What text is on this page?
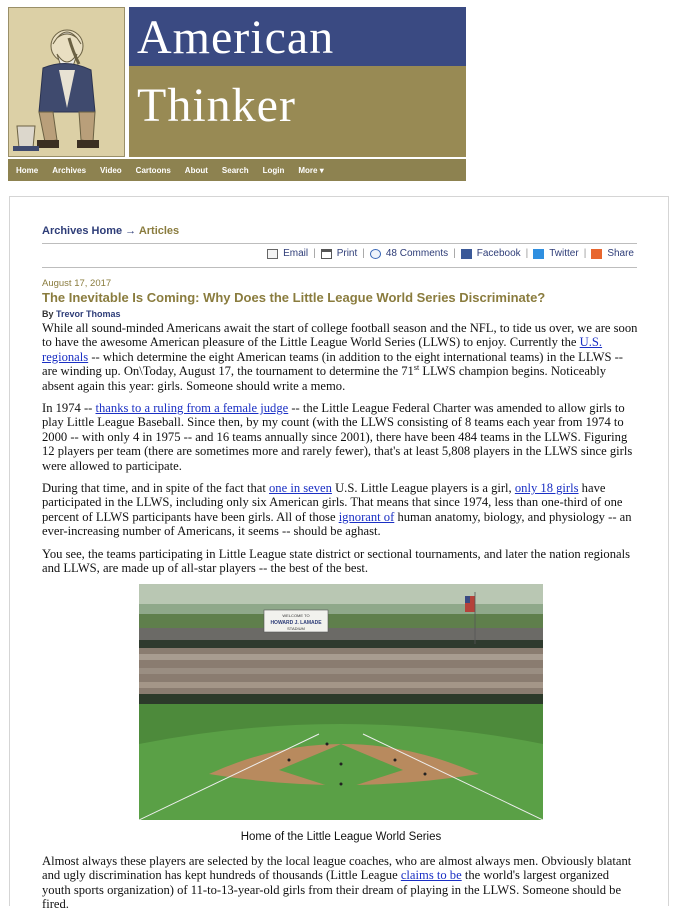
American
Thinker
Home Archives Video Cartoons About Search Login More ▾
Archives Home → Articles
Email | Print | 48 Comments | Facebook | Twitter | Share
August 17, 2017
The Inevitable Is Coming: Why Does the Little League World Series Discriminate?
By Trevor Thomas

While all sound-minded Americans await the start of college football season and the NFL, to tide us over, we are soon to have the awesome American pleasure of the Little League World Series (LLWS) to enjoy. Currently the U.S. regionals -- which determine the eight American teams (in addition to the eight international teams) in the LLWS -- are winding up. On\Today, August 17, the tournament to determine the 71st LLWS champion begins. Noticeably absent again this year: girls. Someone should write a memo.

In 1974 -- thanks to a ruling from a female judge -- the Little League Federal Charter was amended to allow girls to play Little League Baseball. Since then, by my count (with the LLWS consisting of 8 teams each year from 1974 to 2000 -- with only 4 in 1975 -- and 16 teams annually since 2001), there have been 484 teams in the LLWS. Figuring 12 players per team (there are sometimes more and rarely fewer), that's at least 5,808 players in the LLWS since girls were allowed to participate.

During that time, and in spite of the fact that one in seven U.S. Little League players is a girl, only 18 girls have participated in the LLWS, including only six American girls. That means that since 1974, less than one-third of one percent of LLWS participants have been girls. All of those ignorant of human anatomy, biology, and physiology -- an ever-increasing number of Americans, it seems -- should be aghast.

You see, the teams participating in Little League state district or sectional tournaments, and later the nation regionals and LLWS, are made up of all-star players -- the best of the best.

WELCOME TO
HOWARD J. LAMADE
STADIUM
Home of the Little League World Series

Almost always these players are selected by the local league coaches, who are almost always men. Obviously blatant and ugly discrimination has kept hundreds of thousands (Little League claims to be the world's largest organized youth sports organization) of 11-to-13-year-old girls from their dream of playing in the LLWS. Someone should be fired.
